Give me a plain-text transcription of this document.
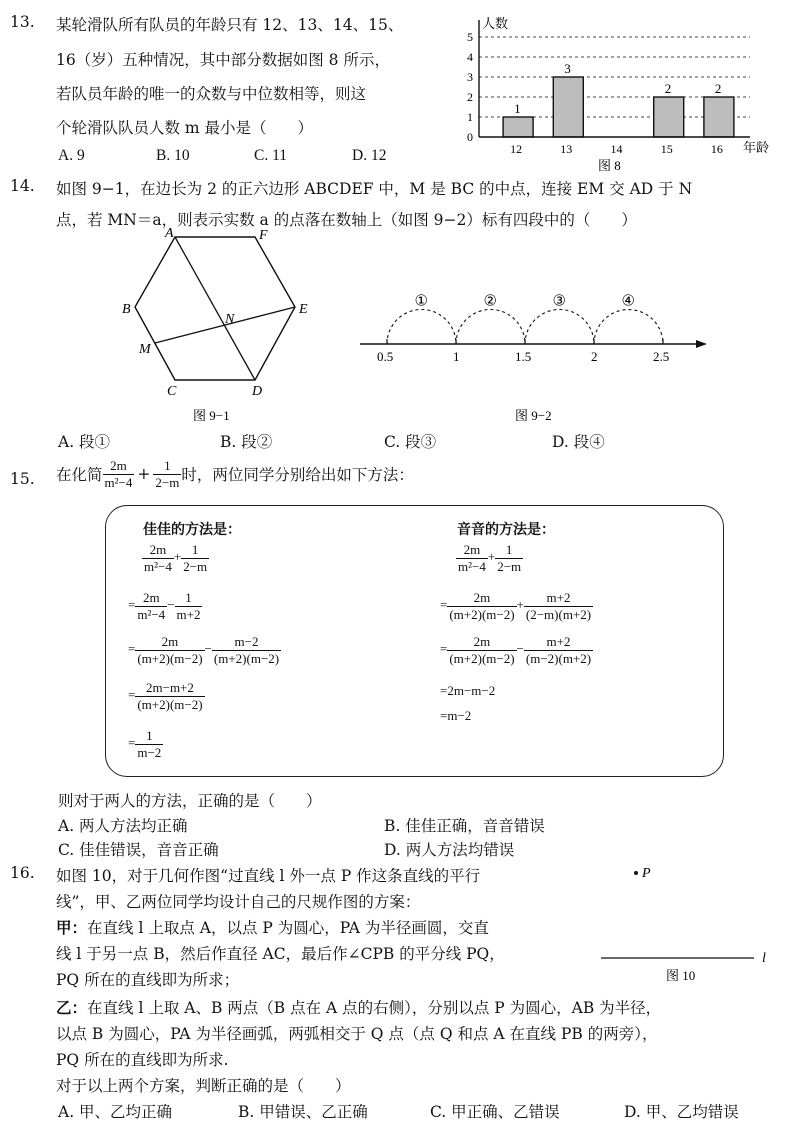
13. 某轮滑队所有队员的年龄只有 12、13、14、15、
16（岁）五种情况，其中部分数据如图 8 所示，
若队员年龄的唯一的众数与中位数相等，则这
个轮滑队队员人数 m 最小是（　　）
A. 9	B. 10	C. 11	D. 12
0
1
2
3
4
5
1
12
3
13	14
2
15
2
16
人数
年龄
图 8
14. 如图 9−1，在边长为 2 的正六边形 ABCDEF 中，M 是 BC 的中点，连接 EM 交 AD 于 N
点，若 MN＝a，则表示实数 a 的点落在数轴上（如图 9−2）标有四段中的（　　）
A	F
B	E
M
N
C	D
图 9−1
①	②	③	④
0.5	1	1.5	2	2.5
图 9−2
A. 段①	B. 段②	C. 段③	D. 段④
15. 在化简 $\frac{2m}{\text{m²−4}} + \frac{1}{2-m}$ 时，两位同学分别给出如下方法：
佳佳的方法是：
$\frac{2m}{\text{m²−4}} + \frac{1}{2-m}$
= $\frac{2m}{\text{m²−4}} - \frac{1}{m+2}$
= $\frac{2m}{(m+2)(m-2)} - \frac{m-2}{(m+2)(m-2)}$
= $\frac{2m-m+2}{(m+2)(m-2)}$
= $\frac{1}{m-2}$
音音的方法是：
$\frac{2m}{\text{m²−4}} + \frac{1}{2-m}$
= $\frac{2m}{(m+2)(m-2)} + \frac{m+2}{(2-m)(m+2)}$
= $\frac{2m}{(m+2)(m-2)} - \frac{m+2}{(m-2)(m+2)}$
=2m−m−2
=m−2
则对于两人的方法，正确的是（　　）
A. 两人方法均正确	B. 佳佳正确，音音错误
C. 佳佳错误，音音正确	D. 两人方法均错误
16. 如图 10，对于几何作图“过直线 l 外一点 P 作这条直线的平行
线”，甲、乙两位同学均设计自己的尺规作图的方案：
甲：在直线 l 上取点 A，以点 P 为圆心，PA 为半径画圆，交直
线 l 于另一点 B，然后作直径 AC，最后作∠CPB 的平分线 PQ，
PQ 所在的直线即为所求；
乙：在直线 l 上取 A、B 两点（B 点在 A 点的右侧），分别以点 P 为圆心，AB 为半径，
以点 B 为圆心，PA 为半径画弧，两弧相交于 Q 点（点 Q 和点 A 在直线 PB 的两旁），
PQ 所在的直线即为所求.
对于以上两个方案，判断正确的是（　　）
A. 甲、乙均正确	B. 甲错误、乙正确	C. 甲正确、乙错误	D. 甲、乙均错误
P
l
图 10
